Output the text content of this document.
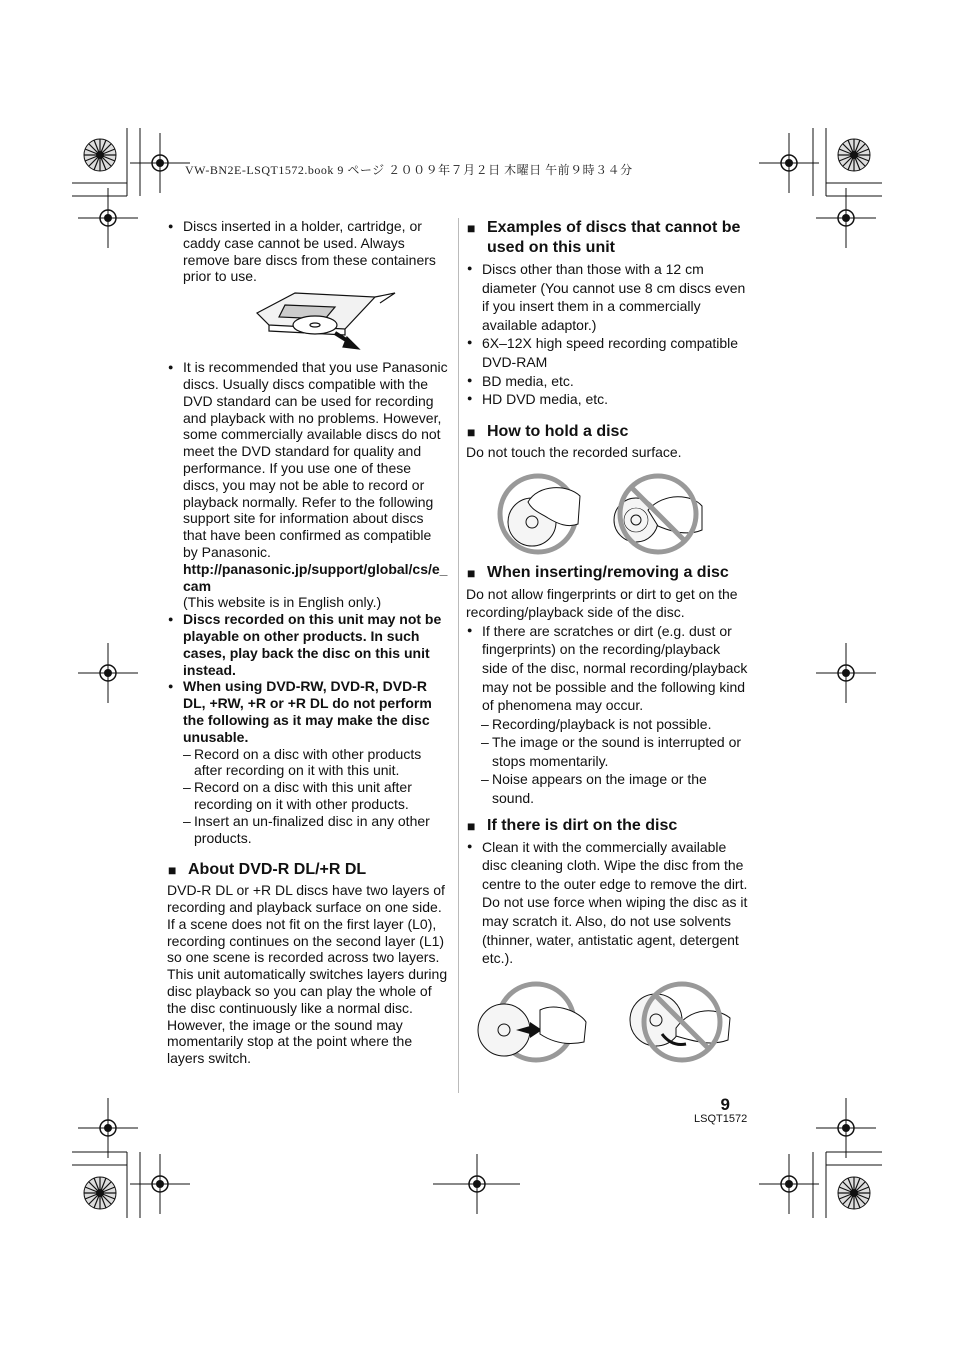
VW-BN2E-LSQT1572.book 9 ページ ２００９年７月２日 木曜日 午前９時３４分

● Discs inserted in a holder, cartridge, or caddy case cannot be used. Always remove bare discs from these containers prior to use.

● It is recommended that you use Panasonic discs. Usually discs compatible with the DVD standard can be used for recording and playback with no problems. However, some commercially available discs do not meet the DVD standard for quality and performance. If you use one of these discs, you may not be able to record or playback normally. Refer to the following support site for information about discs that have been confirmed as compatible by Panasonic.
http://panasonic.jp/support/global/cs/e_cam
(This website is in English only.)

● Discs recorded on this unit may not be playable on other products. In such cases, play back the disc on this unit instead.

● When using DVD-RW, DVD-R, DVD-R DL, +RW, +R or +R DL do not perform the following as it may make the disc unusable.

– Record on a disc with other products after recording on it with this unit.

– Record on a disc with this unit after recording on it with other products.

– Insert an un-finalized disc in any other products.

■ About DVD-R DL/+R DL

DVD-R DL or +R DL discs have two layers of recording and playback surface on one side. If a scene does not fit on the first layer (L0), recording continues on the second layer (L1) so one scene is recorded across two layers. This unit automatically switches layers during disc playback so you can play the whole of the disc continuously like a normal disc. However, the image or the sound may momentarily stop at the point where the layers switch.

■ Examples of discs that cannot be used on this unit

● Discs other than those with a 12 cm diameter (You cannot use 8 cm discs even if you insert them in a commercially available adaptor.)

● 6X–12X high speed recording compatible DVD-RAM

● BD media, etc.

● HD DVD media, etc.

■ How to hold a disc

Do not touch the recorded surface.

■ When inserting/removing a disc

Do not allow fingerprints or dirt to get on the recording/playback side of the disc.

● If there are scratches or dirt (e.g. dust or fingerprints) on the recording/playback side of the disc, normal recording/playback may not be possible and the following kind of phenomena may occur.

– Recording/playback is not possible.

– The image or the sound is interrupted or stops momentarily.

– Noise appears on the image or the sound.

■ If there is dirt on the disc

● Clean it with the commercially available disc cleaning cloth. Wipe the disc from the centre to the outer edge to remove the dirt. Do not use force when wiping the disc as it may scratch it. Also, do not use solvents (thinner, water, antistatic agent, detergent etc.).

9
LSQT1572
